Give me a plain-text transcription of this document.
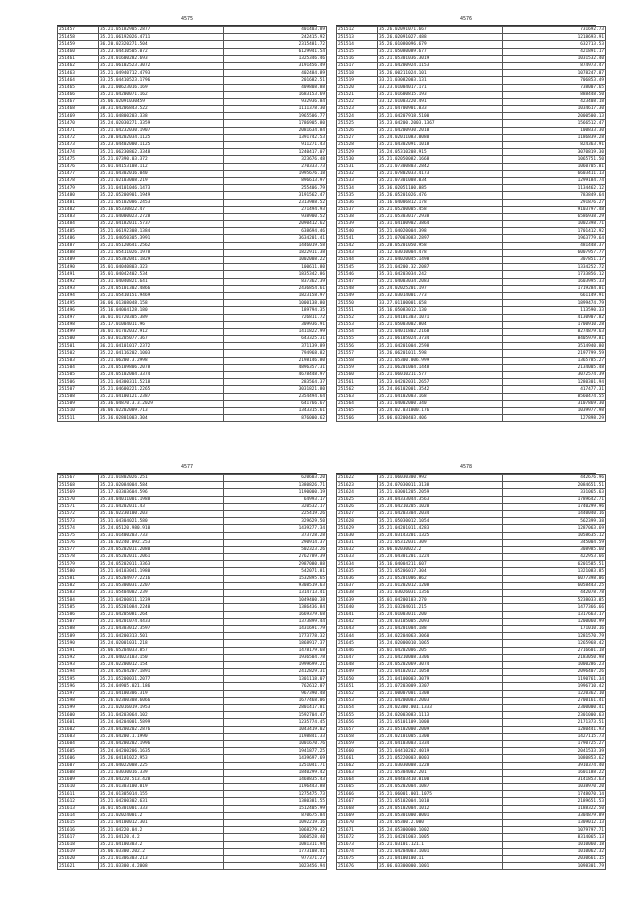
4575
251457	35.21.05182905.2877	401403.89
251458	35.21.06192026.4711	242415.92
251459	36.20.02320271.504	2315481.72
251460	35.23.04410505.072	6129941.54
251461	35.24.01600282.693	1325346.46
251462	35.21.06102523.3072	3191456.49
251463	35.21.04940712.4793	402484.89
251464	33.25.04410523.1796	201682.51
251465	36.21.00623016.169	409808.88
251466	35.21.04200071.162	1683153.69
251467	35.06.02091030459	932936.84
251468	30.31.04206843.522	1111378.30
251469	35.31.04800203.338	1965506.77
251470	35.24.02030271.3359	1786905.80
251471	35.21.04232030.1907	2081634.84
251472	35.20.04202034.1125	1391742.53
251473	35.23.04402000.1125	911271.43
251474	35.21.06230862.3348	1240417.07
251475	35.21.07390.03.372	323676.48
251476	35.01.04153108.112	270333.73
251477	35.31.04302016.040	1995676.18
251478	35.21.02103008.219	896613.97
251479	35.31.04101046.1473	255406.79
251480	35.22.05200901.1949	3191562.47
251481	35.21.05102006.2453	2313988.52
251482	35.16.05330822.47	271494.93
251483	35.21.04000023.2728	938900.52
251484	35.22.04182011.5737	2090412.62
251485	35.21.06192308.1384	638694.46
251486	35.21.04050305.3991	3634201.41
251487	35.21.05120641.2562	1446019.58
251488	35.21.05411026.1978	1822911.38
251489	35.21.05382041.1829	1002008.22
251490	35.01.04040803.323	100611.80
251491	35.01.04042402.534	1835342.86
251492	35.31.04040821.641	837362.39
251493	35.24.05101302.4866	2436854.61
251494	35.21.05410151.9469	1823158.97
251495	36.06.01308048.158	1000138.80
251496	35.16.04004128.180	189794.35
251497	36.01.01720305.389	726811.72
251498	35.17.01004011.96	309936.91
251499	36.01.01702032.912	1411822.99
251500	35.03.01205077.367	643325.31
251501	36.21.04101017.2372	371139.89
251502	35.22.04116202.1003	794968.82
251503	35.21.06200.3.2998	2198146.80
251504	35.24.05109806.2078	4896357.31
251505	35.24.05102004.3374	4678448.97
251506	35.21.04300311.5218	283564.37
251507	35.21.04600221.2265	3031821.80
251508	35.21.04100121.2387	2354494.64
251509	35.36.04870.3.3.2029	641766.67
251510	36.06.02202009.713	1343315.61
251511	35.36.02801003.304	876000.62
4576
251512	35.26.02091071.667	731692.73
251513	35.26.02091027.488	1218693.91
251514	35.26.01080096.679	632713.53
251515	35.21.05080089.677	421891.17
251516	35.21.05301036.3019	1031532.40
251517	35.21.04200924.1153	874973.47
251518	35.26.00211024.101	1078247.87
251519	33.21.03082003.131	706853.49
251520	33.23.01004017.171	738007.65
251521	35.21.01600815.193	888448.50
251522	33.12.01003220.491	423408.18
251523	35.21.04700901.033	1034617.30
251524	35.21.04207918.5100	2000500.13
251525	35.23.04200.2003.1367	1566512.47
251526	35.21.04200930.2010	100833.30
251527	35.24.02011083.0080	1186839.28
251528	35.21.04302091.1018	824363.91
251529	35.24.05310208.915	3070819.30
251530	35.21.02050082.1668	1065751.50
251531	35.21.07300803.2842	1060705.81
251532	35.21.07802033.4173	6603411.13
251533	35.21.07301008.034	1299184.74
251534	35.36.02051100.885	1134462.12
251535	35.26.05201026.476	783849.64
251536	35.16.04006812.178	291876.27
251537	35.21.05200005.458	9103797.48
251538	35.21.05303017.2938	6586938.29
251539	35.31.04100902.3864	1002398.71
251540	35.21.04020004.398	1701412.92
251541	35.21.07003083.2897	1963779.64
251542	35.20.05201050.958	481448.37
251543	35.12.03010004.478	6007957.77
251544	35.21.04020045.1498	307851.17
251545	35.21.04200.32.2087	1334252.72
251546	35.31.04203034.242	1733856.12
251547	35.21.04003034.2083	1603995.33
251548	35.24.02025201.197	1719284.01
251549	35.32.03014001.773	661149.91
251550	33.27.01100001.658	1899474.79
251551	35.16.05083012.130	113590.33
251552	35.21.04101303.1071	4130907.82
251553	35.21.05003002.804	1700910.28
251554	35.21.04011802.2168	8274879.63
251555	35.21.06105024.3734	8405979.81
251556	35.21.04201004.2598	3514940.80
251557	35.26.06201011.598	2197799.59
251558	35.21.05300.006.999	1365785.27
251559	35.21.06201004.1448	2134005.48
251560	35.21.06010211.577	3072574.39
251561	35.23.04202031.2657	1280301.94
251562	35.24.06102001.3542	417477.31
251563	35.21.04102003.168	8560474.55
251564	35.31.04002000.340	3107869.30
251565	35.24.02.031000.176	1039977.98
251566	35.06.03200403.406	127898.29
4577
251567	35.21.01802026.251	620603.20
251568	35.23.02084004.584	1380826.71
251569	35.17.03303604.596	1190000.19
251570	35.34.04011001.1988	64993.17
251571	35.21.04202011.43	320532.17
251572	35.16.02230100.203	225419.26
251573	35.31.04304021.580	329629.50
251574	35.24.05120.980.910	1439277.34
251575	35.31.01400203.733	373728.28
251576	35.16.02240.092.253	290914.37
251577	35.24.05202011.2080	502323.26
251578	35.24.05202011.2061	2762789.39
251579	35.24.05202011.3363	2987080.88
251580	35.21.04103041.1980	542071.81
251581	35.21.05204977.2216	1532895.65
251582	35.21.05300031.2207	9308519.63
251583	35.31.05404002.239	1314713.41
251584	35.21.04200811.1239	1049400.38
251585	35.21.05201084.2240	1386436.84
251586	35.21.04205081.264	1669379.68
251587	35.21.04201074.4433	1373899.44
251588	35.21.04303012.3597	1431691.79
251589	35.21.04200313.501	1773778.32
251590	35.24.02001031.218	1868917.37
251591	35.06.05204033.857	1478179.68
251592	35.24.04023103.150	1936504.78
251593	35.24.02200012.154	1999699.21
251594	35.24.05204207.1891	2412829.31
251595	35.21.05200031.2077	1301118.07
251596	35.24.04905.021.186	762612.07
251597	35.21.04100306.319	967390.48
251598	35.26.02300308.6066	1677468.06
251599	35.21.02016019.1953	2801417.81
251600	35.31.04203064.102	1592704.47
251601	35.24.04204001.5899	1235774.45
251602	35.24.04200202.2876	1043419.02
251603	35.24.04200.1.1990	1198841.33
251604	35.24.04200202.1996	1001670.76
251605	35.24.04200206.1635	1941877.25
251606	35.26.04101022.953	1439697.69
251607	35.24.04022008.225	1251041.71
251608	35.21.03030016.339	1840299.42
251609	35.24.04220.513.428	1468835.43
251610	35.24.01303100.019	1196443.88
251611	35.24.01305014.155	1275475.73
251612	35.21.04200302.631	1380381.55
251613	36.01.05301001.333	1512405.99
251614	35.21.02024001.2	870675.84
251615	35.21.04100012.301	1092219.16
251616	35.21.04220.04.2	1068279.42
251617	35.21.04120.4.2	1060528.40
251618	35.21.04100303.2	1081311.94
251619	35.06.03300.202.2	1773108.41
251620	35.21.01306303.213	977371.27
251621	35.21.03300.4.2008	1023456.94
4578
251622	35.21.06030300.992	442676.96
251623	35.24.07030011.3138	2084651.51
251624	35.21.03001205.2059	331065.63
251625	35.34.04333044.3563	1789642.71
251626	35.24.04210205.1020	1740299.96
251627	35.21.04203304.2034	1440040.16
251628	35.21.05030012.1054	562399.38
251629	35.21.04201011.4283	1287063.69
251630	35.24.03143201.1325	1058635.12
251631	35.21.05312031.309	345004.59
251632	35.06.02030022.2	308985.60
251633	35.24.04301201.1224	422953.66
251634	35.16.04004211.607	6201585.51
251635	35.21.05206017.304	1321083.85
251636	35.21.05201006.062	6077398.06
251637	35.21.01202012.1208	6058443.25
251638	35.31.03026031.1356	442078.78
251639	35.01.04200103.270	5238033.85
251640	35.21.03204011.215	1477366.66
251641	35.24.01003011.200	1317663.17
251642	35.24.03105005.2093	1200060.99
251643	35.21.04201004.188	171010.16
251644	35.34.02204063.3060	1281570.79
251645	35.24.02000010.1065	1265968.42
251646	35.01.04202006.205	2716601.18
251647	35.21.04210008.3306	2183050.98
251648	35.24.05202069.3074	1000286.23
251649	35.21.04102012.1058	2096407.26
251650	35.21.04100003.3079	1190761.34
251651	35.21.07203009.3307	1996710.42
251652	35.21.00007001.1308	1220362.10
251653	35.21.04200003.2003	2700161.41
251654	35.24.02300.001.1333	2300000.41
251655	35.24.02003083.1113	2301000.63
251656	35.21.05101109.1008	2171373.51
251657	35.21.05102000.2009	1280441.93
251658	35.24.02101005.1300	1427115.73
251659	35.24.04103003.1334	1790725.27
251660	35.21.04410202.4019	2041533.39
251661	35.21.05220003.0003	1080853.62
251662	35.21.03030008.1228	3910374.40
251663	35.21.05304002.201	1601188.22
251664	35.24.04403410.0100	3141853.63
251665	35.24.05202004.1087	1038970.20
251666	35.21.06001.001.1075	1748070.14
251667	35.21.05102004.1010	2189651.53
251668	35.24.05102004.1012	1188322.50
251669	35.24.05301000.0001	3304879.89
251670	35.24.05300.2.000	1309012.13
251671	35.24.05300000.1002	1079797.71
251672	35.21.04201003.1005	8314065.13
251673	35.21.03101.121.1	1010060.18
251674	35.21.04204003.1001	1010062.32
251675	35.21.04100100.11	2030661.15
251676	35.06.03300000.1001	1098301.79
